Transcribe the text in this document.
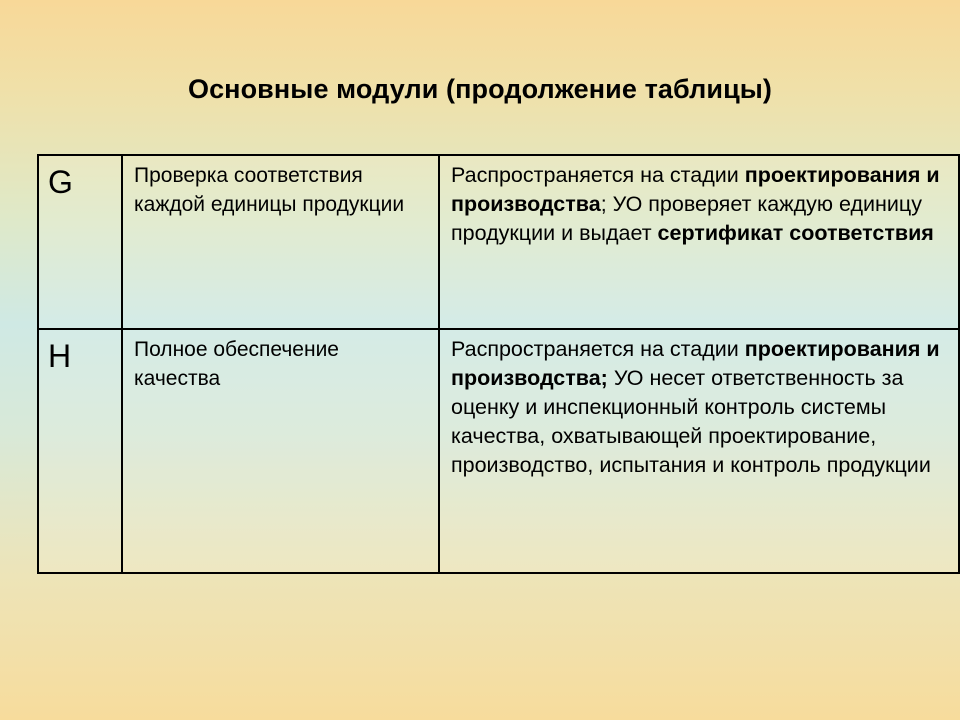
Основные модули (продолжение таблицы)
G	Проверка соответствия каждой единицы продукции	Распространяется на стадии проектирования и производства; УО проверяет каждую единицу продукции и выдает сертификат соответствия
H	Полное обеспечение качества	Распространяется на стадии проектирования и производства; УО несет ответственность за оценку и инспекционный контроль системы качества, охватывающей проектирование, производство, испытания и контроль продукции
